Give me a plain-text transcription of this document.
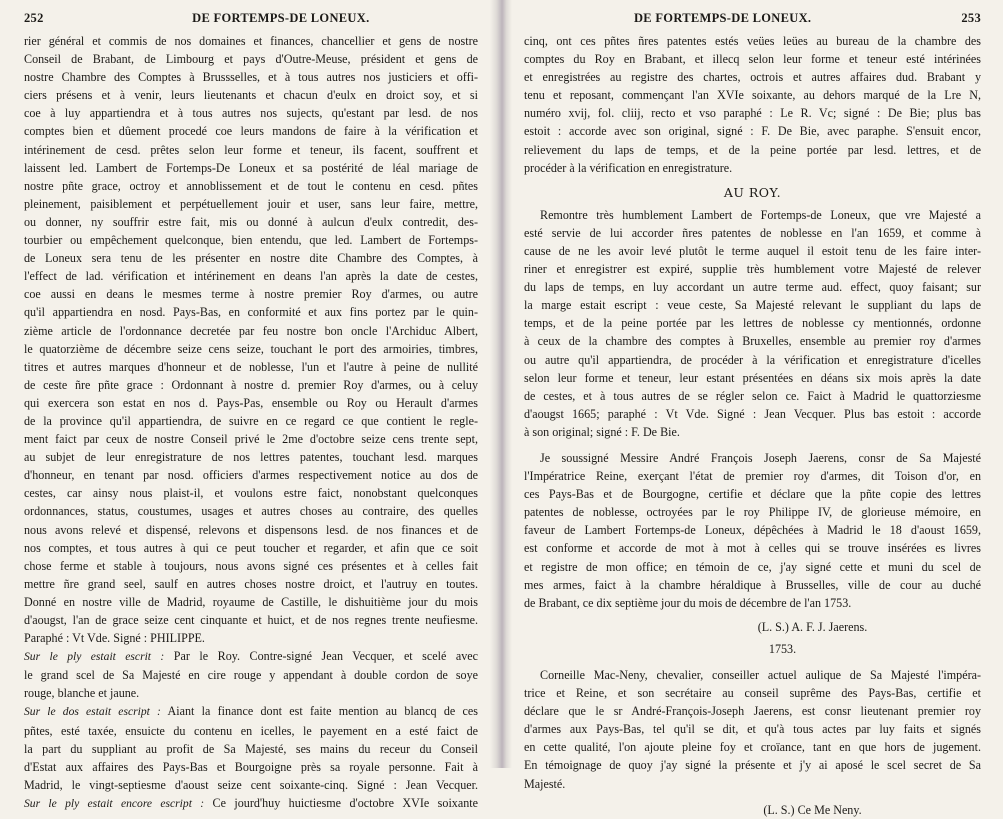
252	DE FORTEMPS-DE LONEUX.
rier général et commis de nos domaines et finances, chancellier et gens de nostre
Conseil de Brabant, de Limbourg et pays d'Outre-Meuse, président et gens de
nostre Chambre des Comptes à Brussselles, et à tous autres nos justiciers et offi-
ciers présens et à venir, leurs lieutenants et chacun d'eulx en droict soy, et si
coe à luy appartiendra et à tous autres nos sujects, qu'estant par lesd. de nos
comptes bien et dûement procedé coe leurs mandons de faire à la vérification et
intérinement de cesd. prêtes selon leur forme et teneur, ils facent, souffrent et
laissent led. Lambert de Fortemps-De Loneux et sa postérité de léal mariage de
nostre pñte grace, octroy et annoblissement et de tout le contenu en cesd. pñtes
pleinement, paisiblement et perpétuellement jouir et user, sans leur faire, mettre,
ou donner, ny souffrir estre fait, mis ou donné à aulcun d'eulx contredit, des-
tourbier ou empêchement quelconque, bien entendu, que led. Lambert de Fortemps-
de Loneux sera tenu de les présenter en nostre dite Chambre des Comptes, à
l'effect de lad. vérification et intérinement en deans l'an après la date de cestes,
coe aussi en deans le mesmes terme à nostre premier Roy d'armes, ou autre
qu'il appartiendra en nosd. Pays-Bas, en conformité et aux fins portez par le quin-
zième article de l'ordonnance decretée par feu nostre bon oncle l'Archiduc Albert,
le quatorzième de décembre seize cens seize, touchant le port des armoiries, timbres,
titres et autres marques d'honneur et de noblesse, l'un et l'autre à peine de nullité
de ceste ñre pñte grace : Ordonnant à nostre d. premier Roy d'armes, ou à celuy
qui exercera son estat en nos d. Pays-Pas, ensemble ou Roy ou Herault d'armes
de la province qu'il appartiendra, de suivre en ce regard ce que contient le regle-
ment faict par ceux de nostre Conseil privé le 2me d'octobre seize cens trente sept,
au subjet de leur enregistrature de nos lettres patentes, touchant lesd. marques
d'honneur, en tenant par nosd. officiers d'armes respectivement notice au dos de
cestes, car ainsy nous plaist-il, et voulons estre faict, nonobstant quelconques
ordonnances, status, coustumes, usages et autres choses au contraire, des quelles
nous avons relevé et dispensé, relevons et dispensons lesd. de nos finances et de
nos comptes, et tous autres à qui ce peut toucher et regarder, et afin que ce soit
chose ferme et stable à toujours, nous avons signé ces présentes et à celles fait
mettre ñre grand seel, saulf en autres choses nostre droict, et l'autruy en toutes.
Donné en nostre ville de Madrid, royaume de Castille, le dishuitième jour du mois
d'aougst, l'an de grace seize cent cinquante et huict, et de nos regnes trente neufiesme.
Paraphé : Vt Vde. Signé : PHILIPPE.
Sur le ply estait escrit : Par le Roy. Contre-signé Jean Vecquer, et scelé avec
le grand scel de Sa Majesté en cire rouge y appendant à double cordon de soye
rouge, blanche et jaune.
Sur le dos estait escript : Aiant la finance dont est faite mention au blancq de ces
pñtes, esté taxée, ensuicte du contenu en icelles, le payement en a esté faict de
la part du suppliant au profit de Sa Majesté, ses mains du receur du Conseil
d'Estat aux affaires des Pays-Bas et Bourgoigne près sa royale personne. Fait à
Madrid, le vingt-septiesme d'aoust seize cent soixante-cinq. Signé : Jean Vecquer.
Sur le ply estait encore escript : Ce jourd'huy huictiesme d'octobre XVIe soixante
DE FORTEMPS-DE LONEUX.	253
cinq, ont ces pñtes ñres patentes estés veües leües au bureau de la chambre des
comptes du Roy en Brabant, et illecq selon leur forme et teneur esté intérinées
et enregistrées au registre des chartes, octrois et autres affaires dud. Brabant y
tenu et reposant, commençant l'an XVIe soixante, au dehors marqué de la Lre N,
numéro xvij, fol. cliij, recto et vso paraphé : Le R. Vc; signé : De Bie; plus bas
estoit : accorde avec son original, signé : F. De Bie, avec paraphe. S'ensuit encor,
relievement du laps de temps, et de la peine portée par lesd. lettres, et de
procéder à la vérification en enregistrature.
AU ROY.
Remontre très humblement Lambert de Fortemps-de Loneux, que vre Majesté a
esté servie de lui accorder ñres patentes de noblesse en l'an 1659, et comme à
cause de ne les avoir levé plutôt le terme auquel il estoit tenu de les faire inter-
riner et enregistrer est expiré, supplie très humblement votre Majesté de relever
du laps de temps, en luy accordant un autre terme aud. effect, quoy faisant; sur
la marge estait escript : veue ceste, Sa Majesté relevant le suppliant du laps de
temps, et de la peine portée par les lettres de noblesse cy mentionnés, ordonne
à ceux de la chambre des comptes à Bruxelles, ensemble au premier roy d'armes
ou autre qu'il appartiendra, de procéder à la vérification et enregistrature d'icelles
selon leur forme et teneur, leur estant présentées en déans six mois après la date
de cestes, et à tous autres de se régler selon ce. Faict à Madrid le quattorziesme
d'aougst 1665; paraphé : Vt Vde. Signé : Jean Vecquer. Plus bas estoit : accorde
à son original; signé : F. De Bie.
Je soussigné Messire André François Joseph Jaerens, consr de Sa Majesté
l'Impératrice Reine, exerçant l'état de premier roy d'armes, dit Toison d'or, en
ces Pays-Bas et de Bourgogne, certifie et déclare que la pñte copie des lettres
patentes de noblesse, octroyées par le roy Philippe IV, de glorieuse mémoire, en
faveur de Lambert Fortemps-de Loneux, dépêchées à Madrid le 18 d'aoust 1659,
est conforme et accorde de mot à mot à celles qui se trouve insérées es livres
et registre de mon office; en témoin de ce, j'ay signé cette et muni du scel de
mes armes, faict à la chambre héraldique à Brusselles, ville de cour au duché
de Brabant, ce dix septième jour du mois de décembre de l'an 1753.
(L. S.) A. F. J. Jaerens.
1753.
Corneille Mac-Neny, chevalier, conseiller actuel aulique de Sa Majesté l'impéra-
trice et Reine, et son secrétaire au conseil suprême des Pays-Bas, certifie et
déclare que le sr André-François-Joseph Jaerens, est consr lieutenant premier roy
d'armes aux Pays-Bas, tel qu'il se dit, et qu'à tous actes par luy faits et signés
en cette qualité, l'on ajoute pleine foy et croïance, tant en que hors de jugement.
En témoignage de quoy j'ay signé la présente et j'y ai aposé le scel secret de Sa
Majesté.
(L. S.) Ce Me Neny.
